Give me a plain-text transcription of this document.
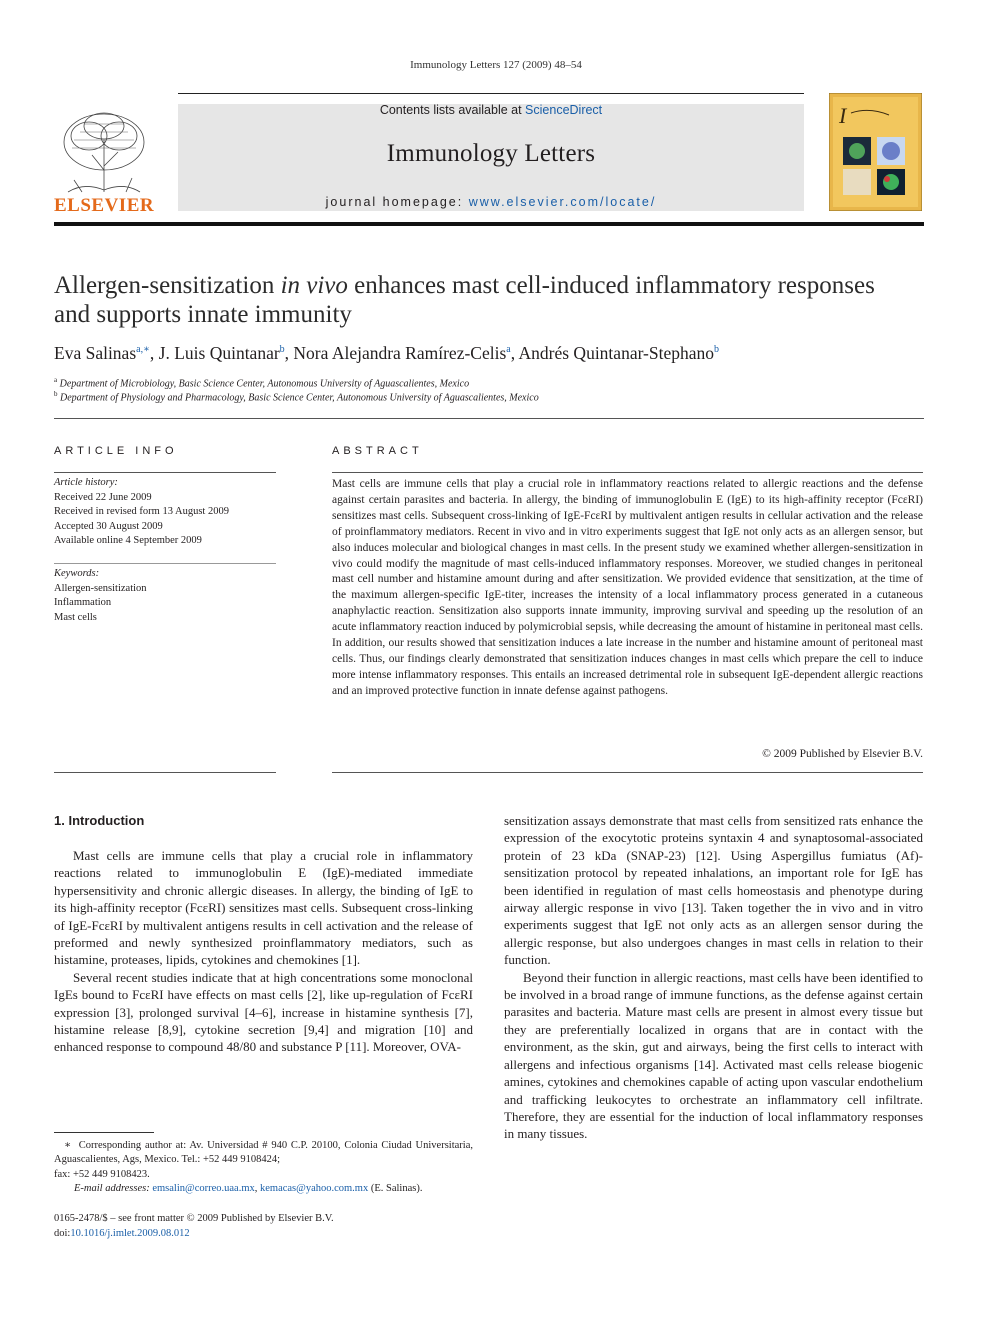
Immunology Letters 127 (2009) 48–54
ELSEVIER
Contents lists available at ScienceDirect
Immunology Letters
journal homepage: www.elsevier.com/locate/
I
Allergen-sensitization in vivo enhances mast cell-induced inflammatory responses and supports innate immunity
Eva Salinas$^{a,∗}$, J. Luis Quintanar$^b$, Nora Alejandra Ramírez-Celis$^a$, Andrés Quintanar-Stephano$^b$
$^a$ Department of Microbiology, Basic Science Center, Autonomous University of Aguascalientes, Mexico
$^b$ Department of Physiology and Pharmacology, Basic Science Center, Autonomous University of Aguascalientes, Mexico
ARTICLE INFO
Article history:
Received 22 June 2009
Received in revised form 13 August 2009
Accepted 30 August 2009
Available online 4 September 2009
Keywords:
Allergen-sensitization
Inflammation
Mast cells
ABSTRACT
Mast cells are immune cells that play a crucial role in inflammatory reactions related to allergic reactions and the defense against certain parasites and bacteria. In allergy, the binding of immunoglobulin E (IgE) to its high-affinity receptor (FcεRI) sensitizes mast cells. Subsequent cross-linking of IgE-FcεRI by multivalent antigen results in cellular activation and the release of proinflammatory mediators. Recent in vivo and in vitro experiments suggest that IgE not only acts as an allergen sensor, but also induces molecular and biological changes in mast cells. In the present study we examined whether allergen-sensitization in vivo could modify the magnitude of mast cells-induced inflammatory responses. Moreover, we studied changes in peritoneal mast cell number and histamine amount during and after sensitization. We provided evidence that sensitization, at the time of the maximum allergen-specific IgE-titer, increases the intensity of a local inflammatory process generated in a cutaneous anaphylactic reaction. Sensitization also supports innate immunity, improving survival and speeding up the resolution of an acute inflammatory reaction induced by polymicrobial sepsis, while decreasing the amount of histamine in peritoneal mast cells. In addition, our results showed that sensitization induces a late increase in the number and histamine amount of peritoneal mast cells. Thus, our findings clearly demonstrated that sensitization induces changes in mast cells which prepare the cell to induce more intense inflammatory responses. This entails an increased detrimental role in subsequent IgE-dependent allergic reactions and an improved protective function in innate defense against pathogens.
© 2009 Published by Elsevier B.V.
1. Introduction

Mast cells are immune cells that play a crucial role in inflammatory reactions related to immunoglobulin E (IgE)-mediated immediate hypersensitivity and chronic allergic diseases. In allergy, the binding of IgE to its high-affinity receptor (FcεRI) sensitizes mast cells. Subsequent cross-linking of IgE-FcεRI by multivalent antigens results in cell activation and the release of preformed and newly synthesized proinflammatory mediators, such as histamine, proteases, lipids, cytokines and chemokines [1].

Several recent studies indicate that at high concentrations some monoclonal IgEs bound to FcεRI have effects on mast cells [2], like up-regulation of FcεRI expression [3], prolonged survival [4–6], increase in histamine synthesis [7], histamine release [8,9], cytokine secretion [9,4] and migration [10] and enhanced response to compound 48/80 and substance P [11]. Moreover, OVA-

sensitization assays demonstrate that mast cells from sensitized rats enhance the expression of the exocytotic proteins syntaxin 4 and synaptosomal-associated protein of 23 kDa (SNAP-23) [12]. Using Aspergillus fumiatus (Af)-sensitization protocol by repeated inhalations, an important role for IgE has been identified in regulation of mast cells homeostasis and phenotype during airway allergic response in vivo [13]. Taken together the in vivo and in vitro experiments suggest that IgE not only acts as an allergen sensor during the allergic response, but also undergoes changes in mast cells in relation to their function.

Beyond their function in allergic reactions, mast cells have been identified to be involved in a broad range of immune functions, as the defense against certain parasites and bacteria. Mature mast cells are present in almost every tissue but they are preferentially localized in organs that are in contact with the environment, as the skin, gut and airways, being the first cells to interact with allergens and infectious organisms [14]. Activated mast cells release biogenic amines, cytokines and chemokines capable of acting upon vascular endothelium and trafficking leukocytes to orchestrate an inflammatory cell infiltrate. Therefore, they are essential for the induction of local inflammatory responses in many tissues.

∗ Corresponding author at: Av. Universidad # 940 C.P. 20100, Colonia Ciudad Universitaria, Aguascalientes, Ags, Mexico. Tel.: +52 449 9108424;
fax: +52 449 9108423.
E-mail addresses: emsalin@correo.uaa.mx, kemacas@yahoo.com.mx (E. Salinas).
0165-2478/$ – see front matter © 2009 Published by Elsevier B.V.
doi:10.1016/j.imlet.2009.08.012
